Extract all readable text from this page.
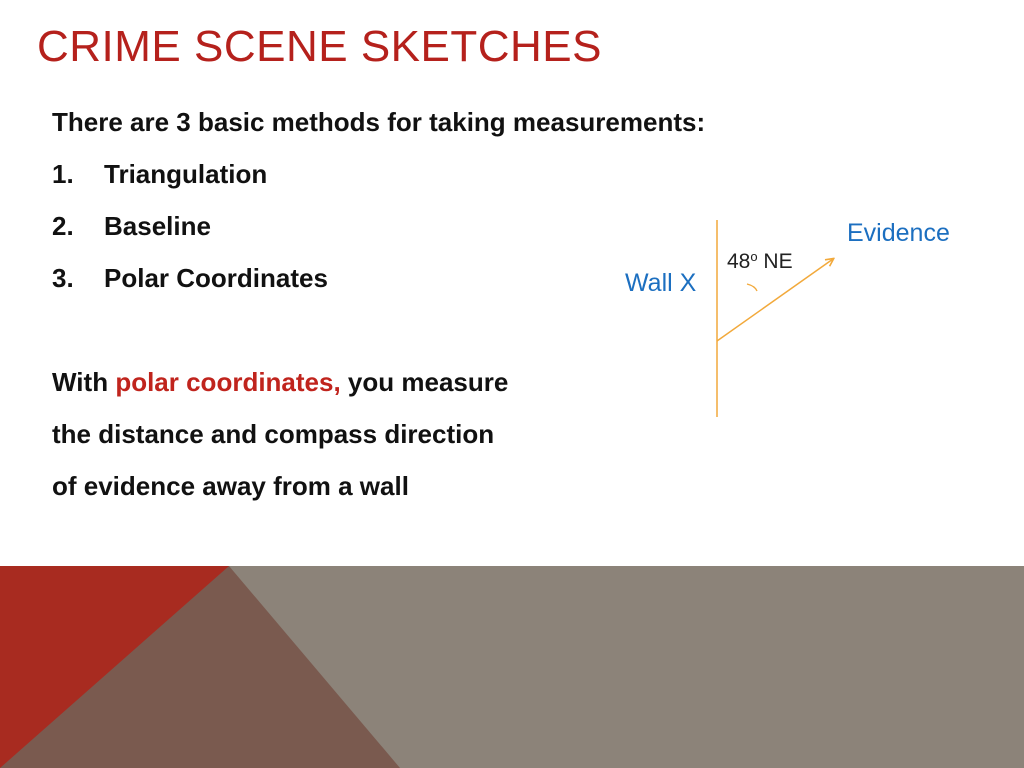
CRIME SCENE SKETCHES
There are 3 basic methods for taking measurements:
1. Triangulation
2. Baseline
3. Polar Coordinates
With polar coordinates, you measure
the distance and compass direction
of evidence away from a wall
Evidence
Wall X
48$^o$ NE
